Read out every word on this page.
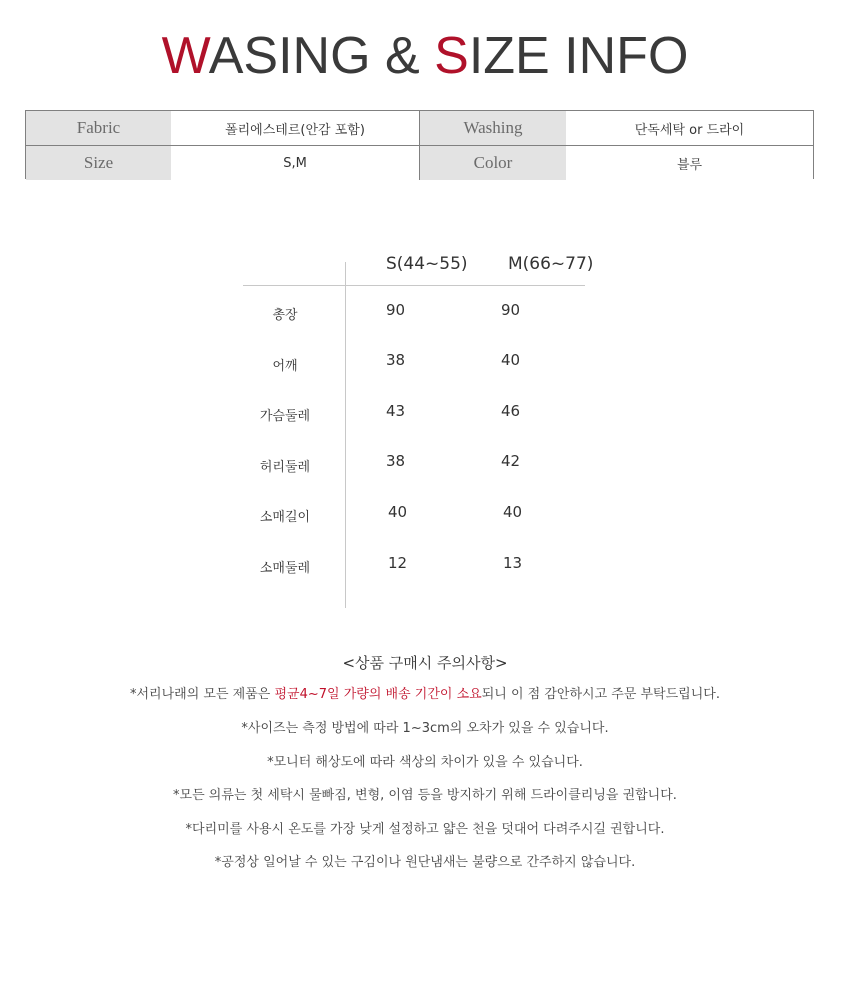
WASING & SIZE INFO
Fabric	폴리에스테르(안감 포함)	Washing	단독세탁 or 드라이
Size	S,M	Color	블루
S(44~55) M(66~77)
총장	90	90
어깨	38	40
가슴둘레	43	46
허리둘레	38	42
소매길이	40	40
소매둘레	12	13
<상품 구매시 주의사항>
*서리나래의 모든 제품은 평균4~7일 가량의 배송 기간이 소요되니 이 점 감안하시고 주문 부탁드립니다.
*사이즈는 측정 방법에 따라 1~3cm의 오차가 있을 수 있습니다.
*모니터 해상도에 따라 색상의 차이가 있을 수 있습니다.
*모든 의류는 첫 세탁시 물빠짐, 변형, 이염 등을 방지하기 위해 드라이클리닝을 권합니다.
*다리미를 사용시 온도를 가장 낮게 설정하고 얇은 천을 덧대어 다려주시길 권합니다.
*공정상 일어날 수 있는 구김이나 원단냄새는 불량으로 간주하지 않습니다.
